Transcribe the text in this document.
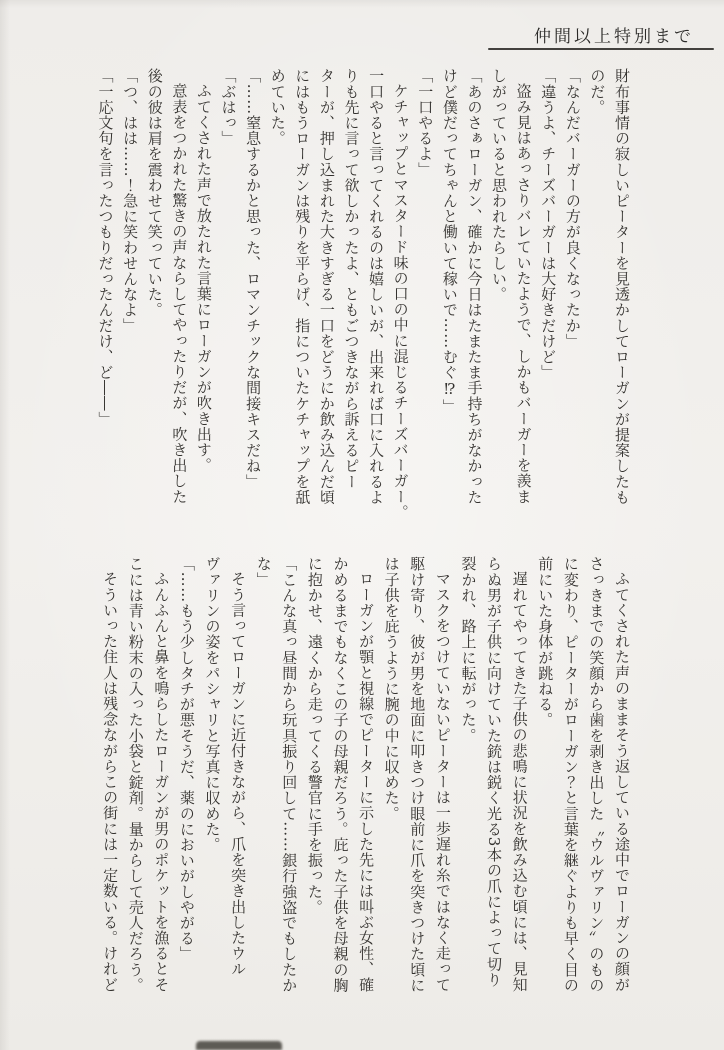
仲間以上特別まで

財布事情の寂しいピーターを見透かしてローガンが提案したも

のだ。

「なんだバーガーの方が良くなったか」

「違うよ、チーズバーガーは大好きだけど」

盗み見はあっさりバレていたようで、しかもバーガーを羨ま

しがっていると思われたらしい。

「あのさぁローガン、確かに今日はたまたま手持ちがなかった

けど僕だってちゃんと働いて稼いで……むぐ⁉」

「一口やるよ」

ケチャップとマスタード味の口の中に混じるチーズバーガー。

一口やると言ってくれるのは嬉しいが、出来れば口に入れるよ

りも先に言って欲しかったよ、ともごつきながら訴えるピー

ターが、押し込まれた大きすぎる一口をどうにか飲み込んだ頃

にはもうローガンは残りを平らげ、指についたケチャップを舐

めていた。

「……窒息するかと思った、ロマンチックな間接キスだね」

「ぶはっ」

ふてくされた声で放たれた言葉にローガンが吹き出す。

意表をつかれた驚きの声ならしてやったりだが、吹き出した

後の彼は肩を震わせて笑っていた。

「つ、はは……！急に笑わせんなよ」

「一応文句を言ったつもりだったんだけ、ど――」

ふてくされた声のままそう返している途中でローガンの顔が

さっきまでの笑顔から歯を剥き出した〝ウルヴァリン〟のもの

に変わり、ピーターがローガン？と言葉を継ぐよりも早く目の

前にいた身体が跳ねる。

遅れてやってきた子供の悲鳴に状況を飲み込む頃には、見知

らぬ男が子供に向けていた銃は鋭く光る3本の爪によって切り

裂かれ、路上に転がった。

マスクをつけていないピーターは一歩遅れ糸ではなく走って

駆け寄り、彼が男を地面に叩きつけ眼前に爪を突きつけた頃に

は子供を庇うように腕の中に収めた。

ローガンが顎と視線でピーターに示した先には叫ぶ女性、確

かめるまでもなくこの子の母親だろう。庇った子供を母親の胸

に抱かせ、遠くから走ってくる警官に手を振った。

「こんな真っ昼間から玩具振り回して……銀行強盗でもしたか

な」

そう言ってローガンに近付きながら、爪を突き出したウル

ヴァリンの姿をパシャリと写真に収めた。

「……もう少しタチが悪そうだ、薬のにおいがしやがる」

ふんふんと鼻を鳴らしたローガンが男のポケットを漁るとそ

こには青い粉末の入った小袋と錠剤。量からして売人だろう。

そういった住人は残念ながらこの街には一定数いる。けれど
